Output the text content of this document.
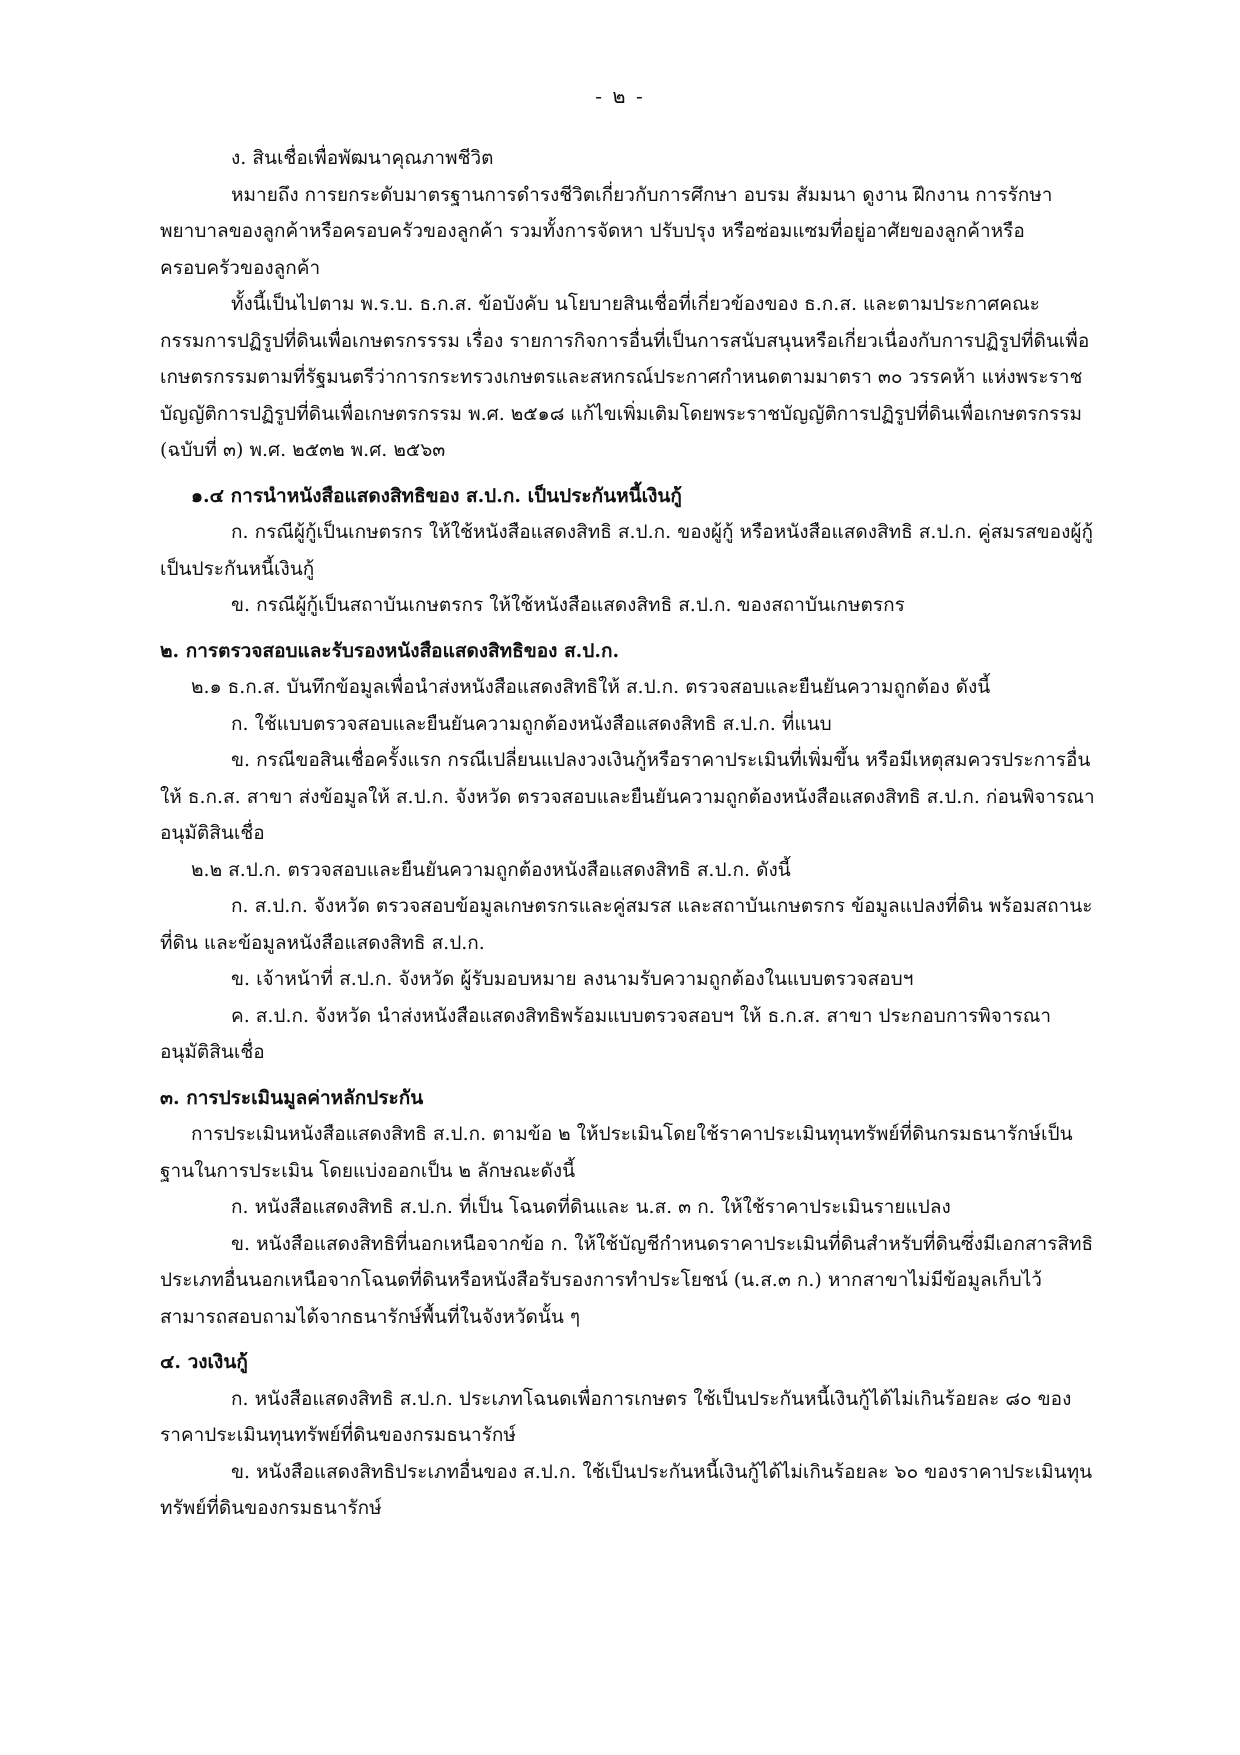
- ๒ -

ง. สินเชื่อเพื่อพัฒนาคุณภาพชีวิต

หมายถึง การยกระดับมาตรฐานการดำรงชีวิตเกี่ยวกับการศึกษา อบรม สัมมนา ดูงาน ฝึกงาน การรักษาพยาบาลของลูกค้าหรือครอบครัวของลูกค้า รวมทั้งการจัดหา ปรับปรุง หรือซ่อมแซมที่อยู่อาศัยของลูกค้าหรือครอบครัวของลูกค้า

ทั้งนี้เป็นไปตาม พ.ร.บ. ธ.ก.ส. ข้อบังคับ นโยบายสินเชื่อที่เกี่ยวข้องของ ธ.ก.ส. และตามประกาศคณะกรรมการปฏิรูปที่ดินเพื่อเกษตรกรรรม เรื่อง รายการกิจการอื่นที่เป็นการสนับสนุนหรือเกี่ยวเนื่องกับการปฏิรูปที่ดินเพื่อเกษตรกรรมตามที่รัฐมนตรีว่าการกระทรวงเกษตรและสหกรณ์ประกาศกำหนดตามมาตรา ๓๐ วรรคห้า แห่งพระราชบัญญัติการปฏิรูปที่ดินเพื่อเกษตรกรรม พ.ศ. ๒๕๑๘ แก้ไขเพิ่มเติมโดยพระราชบัญญัติการปฏิรูปที่ดินเพื่อเกษตรกรรม (ฉบับที่ ๓) พ.ศ. ๒๕๓๒ พ.ศ. ๒๕๖๓

๑.๔ การนำหนังสือแสดงสิทธิของ ส.ป.ก. เป็นประกันหนี้เงินกู้

ก. กรณีผู้กู้เป็นเกษตรกร ให้ใช้หนังสือแสดงสิทธิ ส.ป.ก. ของผู้กู้ หรือหนังสือแสดงสิทธิ ส.ป.ก. คู่สมรสของผู้กู้ เป็นประกันหนี้เงินกู้

ข. กรณีผู้กู้เป็นสถาบันเกษตรกร ให้ใช้หนังสือแสดงสิทธิ ส.ป.ก. ของสถาบันเกษตรกร

๒. การตรวจสอบและรับรองหนังสือแสดงสิทธิของ ส.ป.ก.

๒.๑ ธ.ก.ส. บันทึกข้อมูลเพื่อนำส่งหนังสือแสดงสิทธิให้ ส.ป.ก. ตรวจสอบและยืนยันความถูกต้อง ดังนี้

ก. ใช้แบบตรวจสอบและยืนยันความถูกต้องหนังสือแสดงสิทธิ ส.ป.ก. ที่แนบ

ข. กรณีขอสินเชื่อครั้งแรก กรณีเปลี่ยนแปลงวงเงินกู้หรือราคาประเมินที่เพิ่มขึ้น หรือมีเหตุสมควรประการอื่น ให้ ธ.ก.ส. สาขา ส่งข้อมูลให้ ส.ป.ก. จังหวัด ตรวจสอบและยืนยันความถูกต้องหนังสือแสดงสิทธิ ส.ป.ก. ก่อนพิจารณาอนุมัติสินเชื่อ

๒.๒ ส.ป.ก. ตรวจสอบและยืนยันความถูกต้องหนังสือแสดงสิทธิ ส.ป.ก. ดังนี้

ก. ส.ป.ก. จังหวัด ตรวจสอบข้อมูลเกษตรกรและคู่สมรส และสถาบันเกษตรกร ข้อมูลแปลงที่ดิน พร้อมสถานะที่ดิน และข้อมูลหนังสือแสดงสิทธิ ส.ป.ก.

ข. เจ้าหน้าที่ ส.ป.ก. จังหวัด ผู้รับมอบหมาย ลงนามรับความถูกต้องในแบบตรวจสอบฯ

ค. ส.ป.ก. จังหวัด นำส่งหนังสือแสดงสิทธิพร้อมแบบตรวจสอบฯ ให้ ธ.ก.ส. สาขา ประกอบการพิจารณาอนุมัติสินเชื่อ

๓. การประเมินมูลค่าหลักประกัน

การประเมินหนังสือแสดงสิทธิ ส.ป.ก. ตามข้อ ๒ ให้ประเมินโดยใช้ราคาประเมินทุนทรัพย์ที่ดินกรมธนารักษ์เป็นฐานในการประเมิน โดยแบ่งออกเป็น ๒ ลักษณะดังนี้

ก. หนังสือแสดงสิทธิ ส.ป.ก. ที่เป็น โฉนดที่ดินและ น.ส. ๓ ก. ให้ใช้ราคาประเมินรายแปลง

ข. หนังสือแสดงสิทธิที่นอกเหนือจากข้อ ก. ให้ใช้บัญชีกำหนดราคาประเมินที่ดินสำหรับที่ดินซึ่งมีเอกสารสิทธิประเภทอื่นนอกเหนือจากโฉนดที่ดินหรือหนังสือรับรองการทำประโยชน์ (น.ส.๓ ก.) หากสาขาไม่มีข้อมูลเก็บไว้ สามารถสอบถามได้จากธนารักษ์พื้นที่ในจังหวัดนั้น ๆ

๔. วงเงินกู้

ก. หนังสือแสดงสิทธิ ส.ป.ก. ประเภทโฉนดเพื่อการเกษตร ใช้เป็นประกันหนี้เงินกู้ได้ไม่เกินร้อยละ ๘๐ ของราคาประเมินทุนทรัพย์ที่ดินของกรมธนารักษ์

ข. หนังสือแสดงสิทธิประเภทอื่นของ ส.ป.ก. ใช้เป็นประกันหนี้เงินกู้ได้ไม่เกินร้อยละ ๖๐ ของราคาประเมินทุนทรัพย์ที่ดินของกรมธนารักษ์
